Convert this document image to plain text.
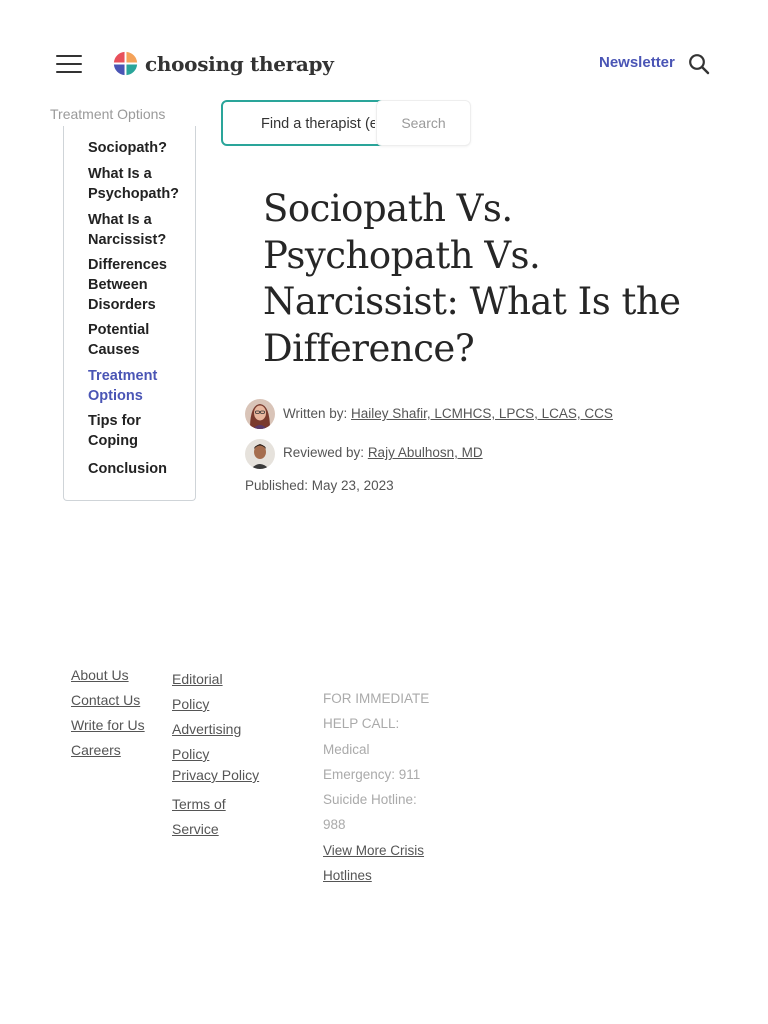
choosing therapy	Newsletter
Treatment Options
Sociopath?
What Is a Psychopath?
What Is a Narcissist?
Differences Between Disorders
Potential Causes
Treatment Options
Tips for Coping
Conclusion
Find a therapist (e
Search
Sociopath Vs. Psychopath Vs. Narcissist: What Is the Difference?
Written by: Hailey Shafir, LCMHCS, LPCS, LCAS, CCS
Reviewed by: Rajy Abulhosn, MD
Published: May 23, 2023
About Us
Contact Us
Write for Us
Careers
Editorial Policy
Advertising Policy
Privacy Policy
Terms of Service
FOR IMMEDIATE HELP CALL:
Medical Emergency: 911
Suicide Hotline: 988
View More Crisis Hotlines
